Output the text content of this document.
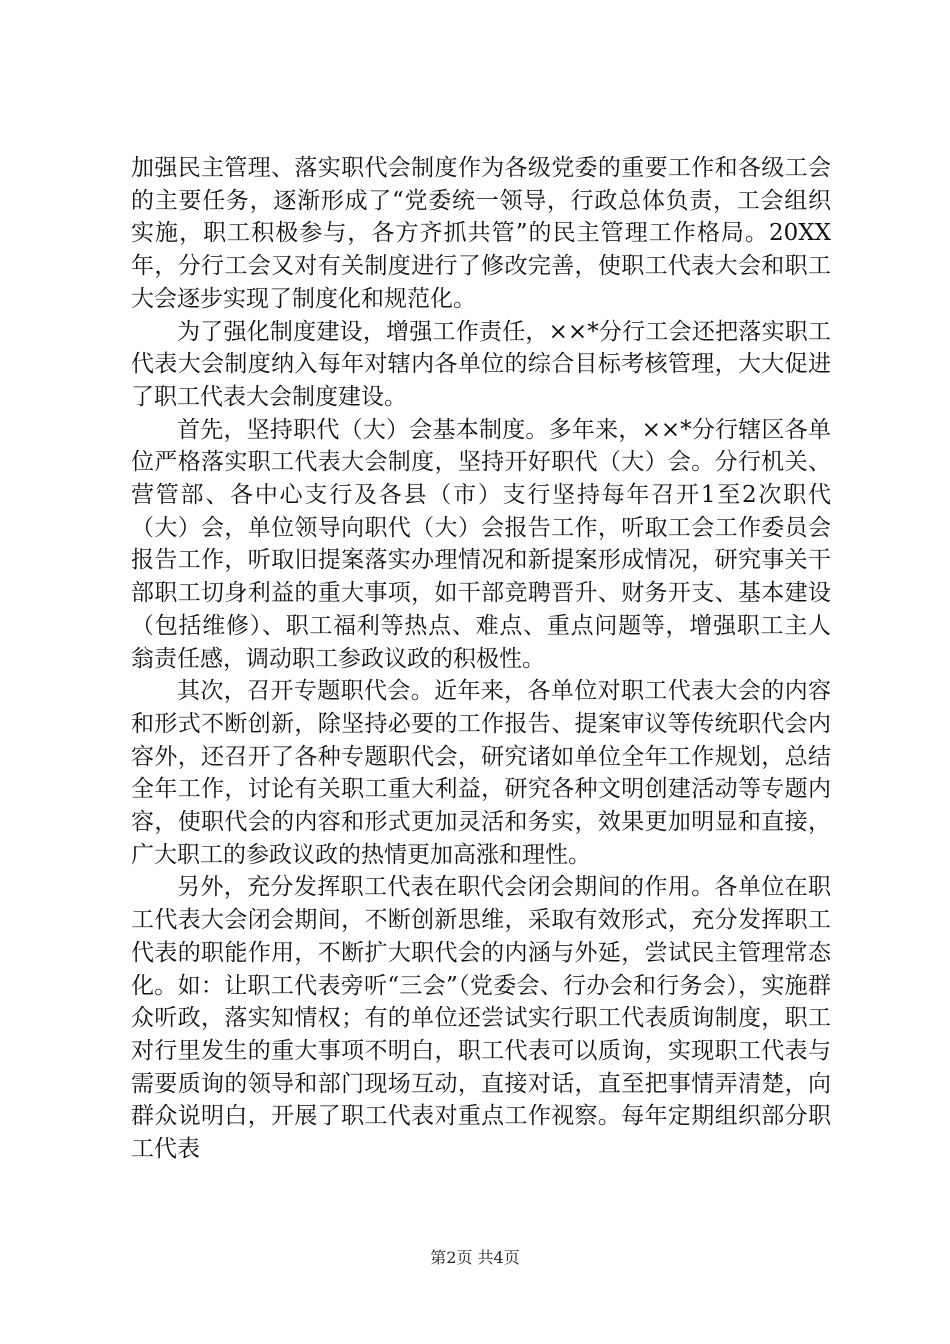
加强民主管理、落实职代会制度作为各级党委的重要工作和各级工会的主要任务，逐渐形成了“党委统一领导，行政总体负责，工会组织实施，职工积极参与，各方齐抓共管”的民主管理工作格局。20XX年，分行工会又对有关制度进行了修改完善，使职工代表大会和职工大会逐步实现了制度化和规范化。

为了强化制度建设，增强工作责任，××*分行工会还把落实职工代表大会制度纳入每年对辖内各单位的综合目标考核管理，大大促进了职工代表大会制度建设。

首先，坚持职代（大）会基本制度。多年来，××*分行辖区各单位严格落实职工代表大会制度，坚持开好职代（大）会。分行机关、营管部、各中心支行及各县（市）支行坚持每年召开1至2次职代（大）会，单位领导向职代（大）会报告工作，听取工会工作委员会报告工作，听取旧提案落实办理情况和新提案形成情况，研究事关干部职工切身利益的重大事项，如干部竞聘晋升、财务开支、基本建设（包括维修）、职工福利等热点、难点、重点问题等，增强职工主人翁责任感，调动职工参政议政的积极性。

其次，召开专题职代会。近年来，各单位对职工代表大会的内容和形式不断创新，除坚持必要的工作报告、提案审议等传统职代会内容外，还召开了各种专题职代会，研究诸如单位全年工作规划，总结全年工作，讨论有关职工重大利益，研究各种文明创建活动等专题内容，使职代会的内容和形式更加灵活和务实，效果更加明显和直接，广大职工的参政议政的热情更加高涨和理性。

另外，充分发挥职工代表在职代会闭会期间的作用。各单位在职工代表大会闭会期间，不断创新思维，采取有效形式，充分发挥职工代表的职能作用，不断扩大职代会的内涵与外延，尝试民主管理常态化。如：让职工代表旁听“三会”（党委会、行办会和行务会），实施群众听政，落实知情权；有的单位还尝试实行职工代表质询制度，职工对行里发生的重大事项不明白，职工代表可以质询，实现职工代表与需要质询的领导和部门现场互动，直接对话，直至把事情弄清楚，向群众说明白，开展了职工代表对重点工作视察。每年定期组织部分职工代表

第2页 共4页
